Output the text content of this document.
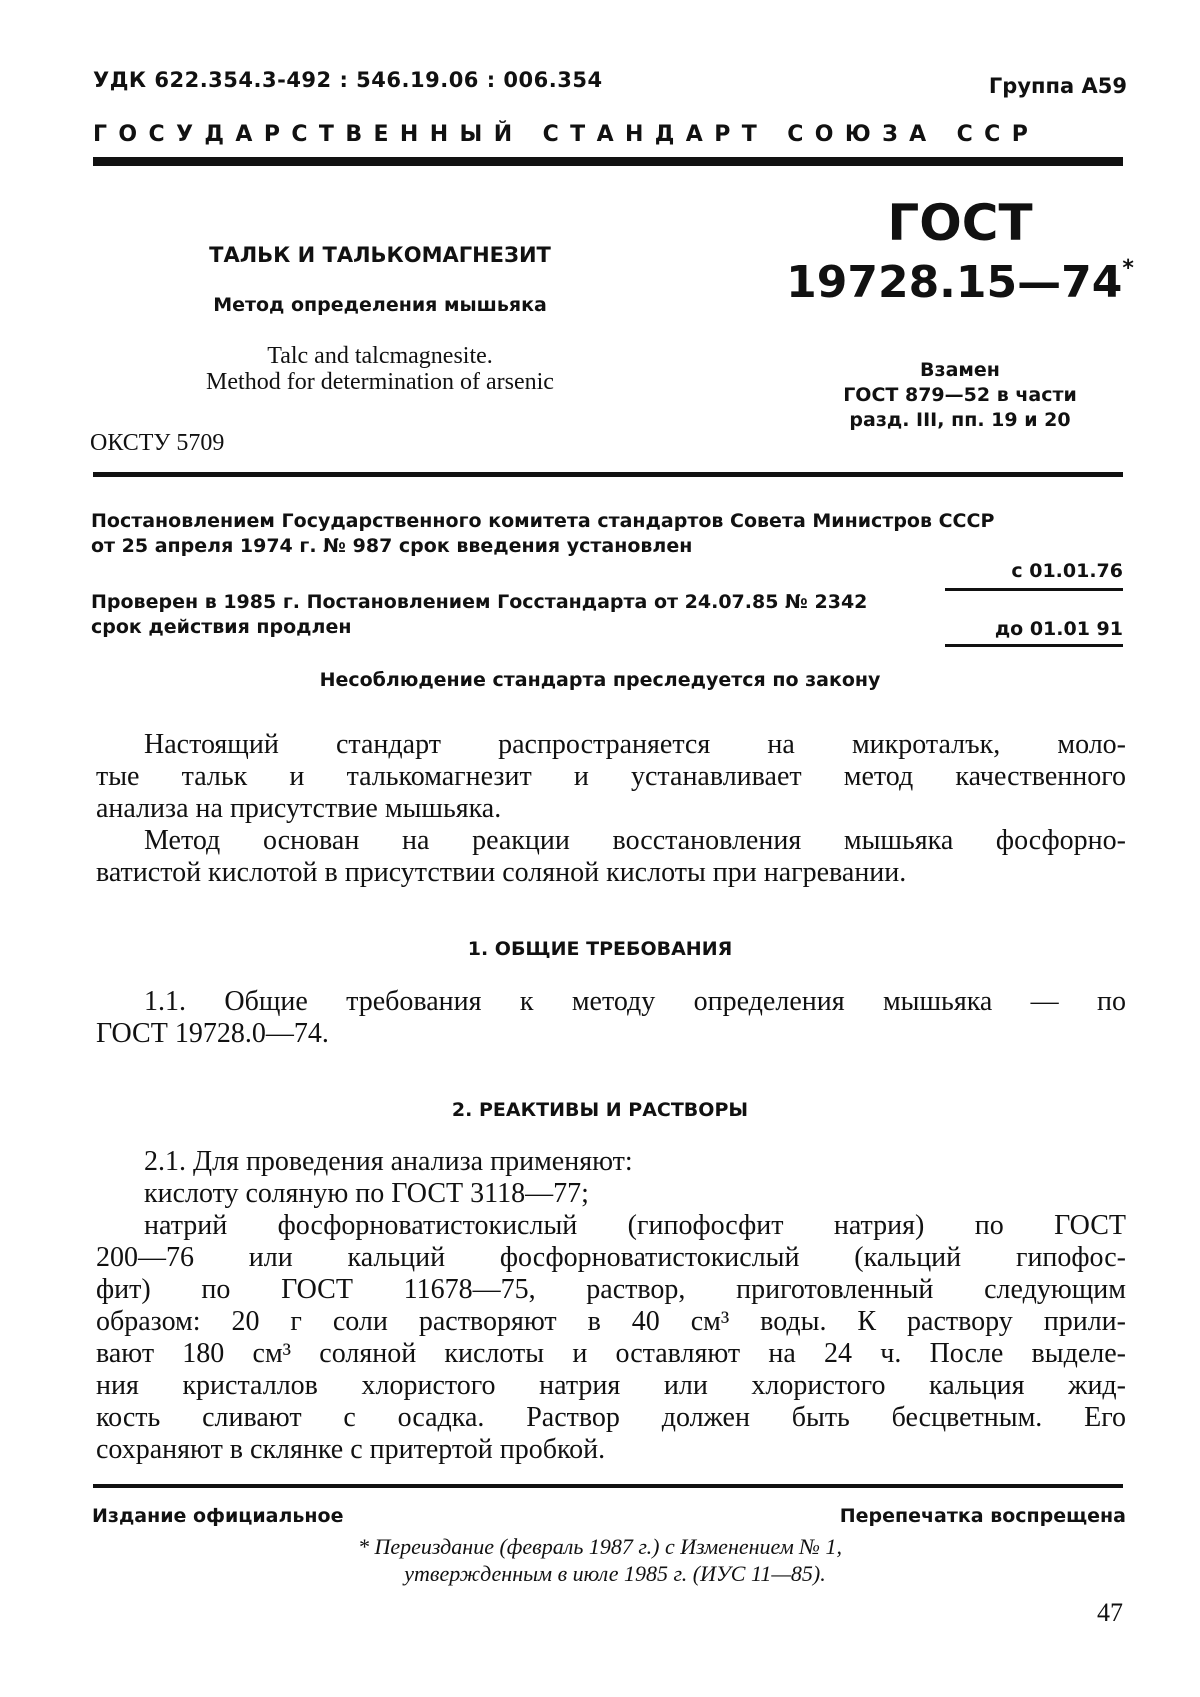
УДК 622.354.3-492 : 546.19.06 : 006.354	Группа А59
ГОСУДАРСТВЕННЫЙ СТАНДАРТ СОЮЗА ССР
ТАЛЬК И ТАЛЬКОМАГНЕЗИТ
Метод определения мышьяка
Talc and talcmagnesite.
Method for determination of arsenic
ОКСТУ 5709
ГОСТ
19728.15—74*
Взамен
ГОСТ 879—52 в части
разд. III, пп. 19 и 20
Постановлением Государственного комитета стандартов Совета Министров СССР
от 25 апреля 1974 г. № 987 срок введения установлен
с 01.01.76
Проверен в 1985 г. Постановлением Госстандарта от 24.07.85 № 2342
срок действия продлен	до 01.01 91
Несоблюдение стандарта преследуется по закону
Настоящий стандарт распространяется на микроталък, моло-
тые тальк и талькомагнезит и устанавливает метод качественного
анализа на присутствие мышьяка.
Метод основан на реакции восстановления мышьяка фосфорно-
ватистой кислотой в присутствии соляной кислоты при нагревании.
1. ОБЩИЕ ТРЕБОВАНИЯ
1.1. Общие требования к методу определения мышьяка — по
ГОСТ 19728.0—74.
2. РЕАКТИВЫ И РАСТВОРЫ
2.1. Для проведения анализа применяют:
кислоту соляную по ГОСТ 3118—77;
натрий фосфорноватистокислый (гипофосфит натрия) по ГОСТ
200—76 или кальций фосфорноватистокислый (кальций гипофос-
фит) по ГОСТ 11678—75, раствор, приготовленный следующим
образом: 20 г соли растворяют в 40 см³ воды. К раствору прили-
вают 180 см³ соляной кислоты и оставляют на 24 ч. После выделе-
ния кристаллов хлористого натрия или хлористого кальция жид-
кость сливают с осадка. Раствор должен быть бесцветным. Его
сохраняют в склянке с притертой пробкой.
Издание официальное	Перепечатка воспрещена
* Переиздание (февраль 1987 г.) с Изменением № 1,
утвержденным в июле 1985 г. (ИУС 11—85).
47
